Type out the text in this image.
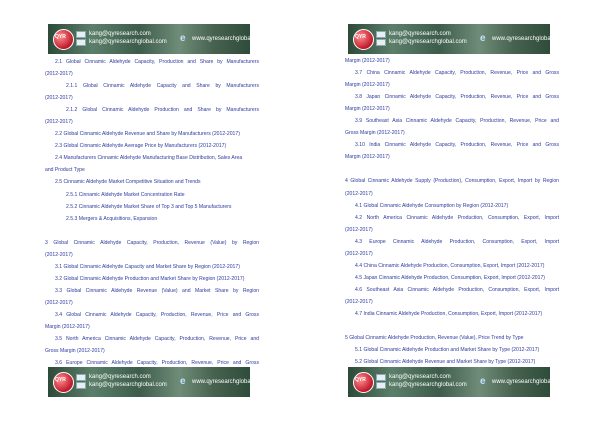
QYR	kang@qyresearch.com
kang@qyresearchglobal.com e	www.qyresearchglobal.com
2.1 Global Cinnamic Aldehyde Capacity, Production and Share by Manufacturers
(2012-2017)
2.1.1 Global Cinnamic Aldehyde Capacity and Share by Manufacturers
(2012-2017)
2.1.2 Global Cinnamic Aldehyde Production and Share by Manufacturers
(2012-2017)
2.2 Global Cinnamic Aldehyde Revenue and Share by Manufacturers (2012-2017)
2.3 Global Cinnamic Aldehyde Average Price by Manufacturers (2012-2017)
2.4 Manufacturers Cinnamic Aldehyde Manufacturing Base Distribution, Sales Area
and Product Type
2.5 Cinnamic Aldehyde Market Competitive Situation and Trends
2.5.1 Cinnamic Aldehyde Market Concentration Rate
2.5.2 Cinnamic Aldehyde Market Share of Top 3 and Top 5 Manufacturers
2.5.3 Mergers & Acquisitions, Expansion
3 Global Cinnamic Aldehyde Capacity, Production, Revenue (Value) by Region
(2012-2017)
3.1 Global Cinnamic Aldehyde Capacity and Market Share by Region (2012-2017)
3.2 Global Cinnamic Aldehyde Production and Market Share by Region (2012-2017)
3.3 Global Cinnamic Aldehyde Revenue (Value) and Market Share by Region
(2012-2017)
3.4 Global Cinnamic Aldehyde Capacity, Production, Revenue, Price and Gross
Margin (2012-2017)
3.5 North America Cinnamic Aldehyde Capacity, Production, Revenue, Price and
Gross Margin (2012-2017)
3.6 Europe Cinnamic Aldehyde Capacity, Production, Revenue, Price and Gross
QYR	kang@qyresearch.com
kang@qyresearchglobal.com e	www.qyresearchglobal.com
QYR	kang@qyresearch.com
kang@qyresearchglobal.com e	www.qyresearchglobal.com
Margin (2012-2017)
3.7 China Cinnamic Aldehyde Capacity, Production, Revenue, Price and Gross
Margin (2012-2017)
3.8 Japan Cinnamic Aldehyde Capacity, Production, Revenue, Price and Gross
Margin (2012-2017)
3.9 Southeast Asia Cinnamic Aldehyde Capacity, Production, Revenue, Price and
Gross Margin (2012-2017)
3.10 India Cinnamic Aldehyde Capacity, Production, Revenue, Price and Gross
Margin (2012-2017)
4 Global Cinnamic Aldehyde Supply (Production), Consumption, Export, Import by Region
(2012-2017)
4.1 Global Cinnamic Aldehyde Consumption by Region (2012-2017)
4.2 North America Cinnamic Aldehyde Production, Consumption, Export, Import
(2012-2017)
4.3 Europe Cinnamic Aldehyde Production, Consumption, Export, Import
(2012-2017)
4.4 China Cinnamic Aldehyde Production, Consumption, Export, Import (2012-2017)
4.5 Japan Cinnamic Aldehyde Production, Consumption, Export, Import (2012-2017)
4.6 Southeast Asia Cinnamic Aldehyde Production, Consumption, Export, Import
(2012-2017)
4.7 India Cinnamic Aldehyde Production, Consumption, Export, Import (2012-2017)
5 Global Cinnamic Aldehyde Production, Revenue (Value), Price Trend by Type
5.1 Global Cinnamic Aldehyde Production and Market Share by Type (2012-2017)
5.2 Global Cinnamic Aldehyde Revenue and Market Share by Type (2012-2017)
QYR	kang@qyresearch.com
kang@qyresearchglobal.com e	www.qyresearchglobal.com
